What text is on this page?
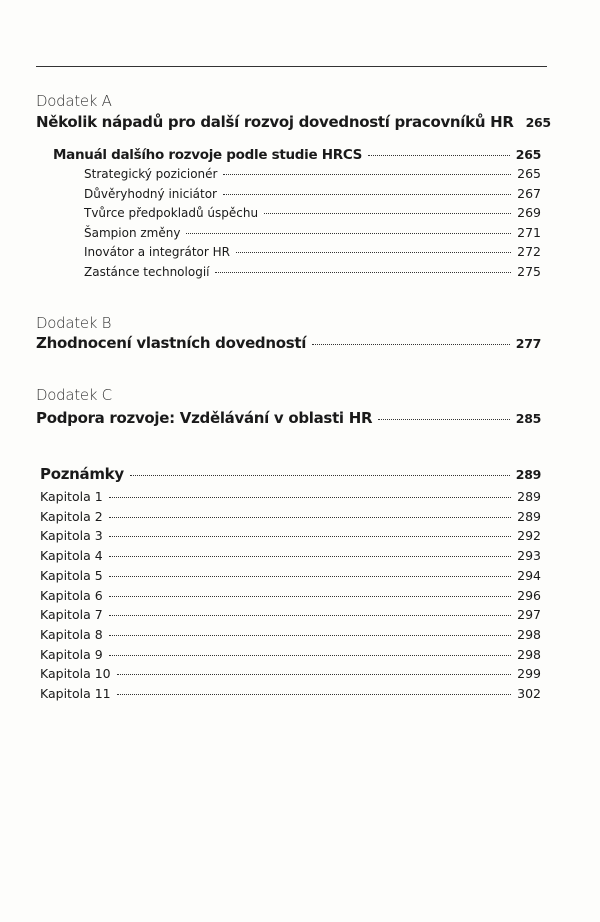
Dodatek A
Několik nápadů pro další rozvoj dovedností pracovníků HR 265
Manuál dalšího rozvoje podle studie HRCS	265
Strategický pozicionér	265
Důvěryhodný iniciátor	267
Tvůrce předpokladů úspěchu	269
Šampion změny	271
Inovátor a integrátor HR	272
Zastánce technologií	275
Dodatek B
Zhodnocení vlastních dovedností	277
Dodatek C
Podpora rozvoje: Vzdělávání v oblasti HR	285
Poznámky	289
Kapitola 1	289
Kapitola 2	289
Kapitola 3	292
Kapitola 4	293
Kapitola 5	294
Kapitola 6	296
Kapitola 7	297
Kapitola 8	298
Kapitola 9	298
Kapitola 10	299
Kapitola 11	302
